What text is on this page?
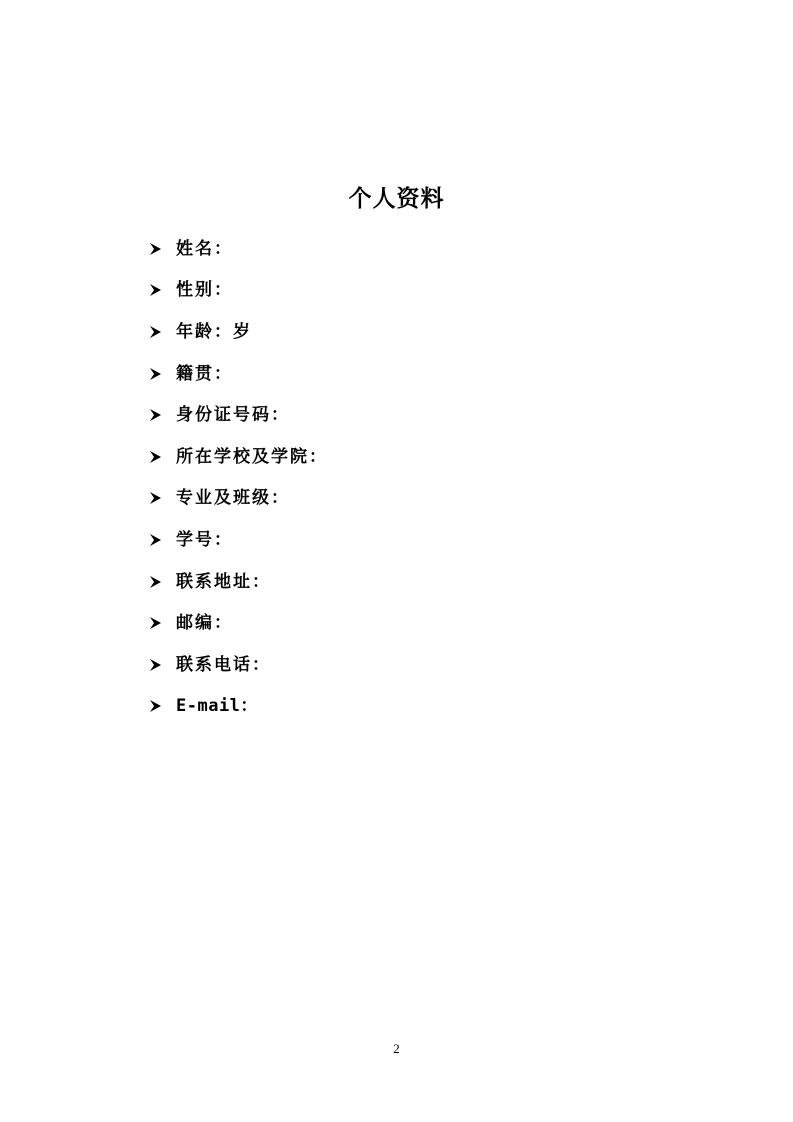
个人资料
姓名：
性别：
年龄：岁
籍贯：
身份证号码：
所在学校及学院：
专业及班级：
学号：
联系地址：
邮编：
联系电话：
E-mail：
2
